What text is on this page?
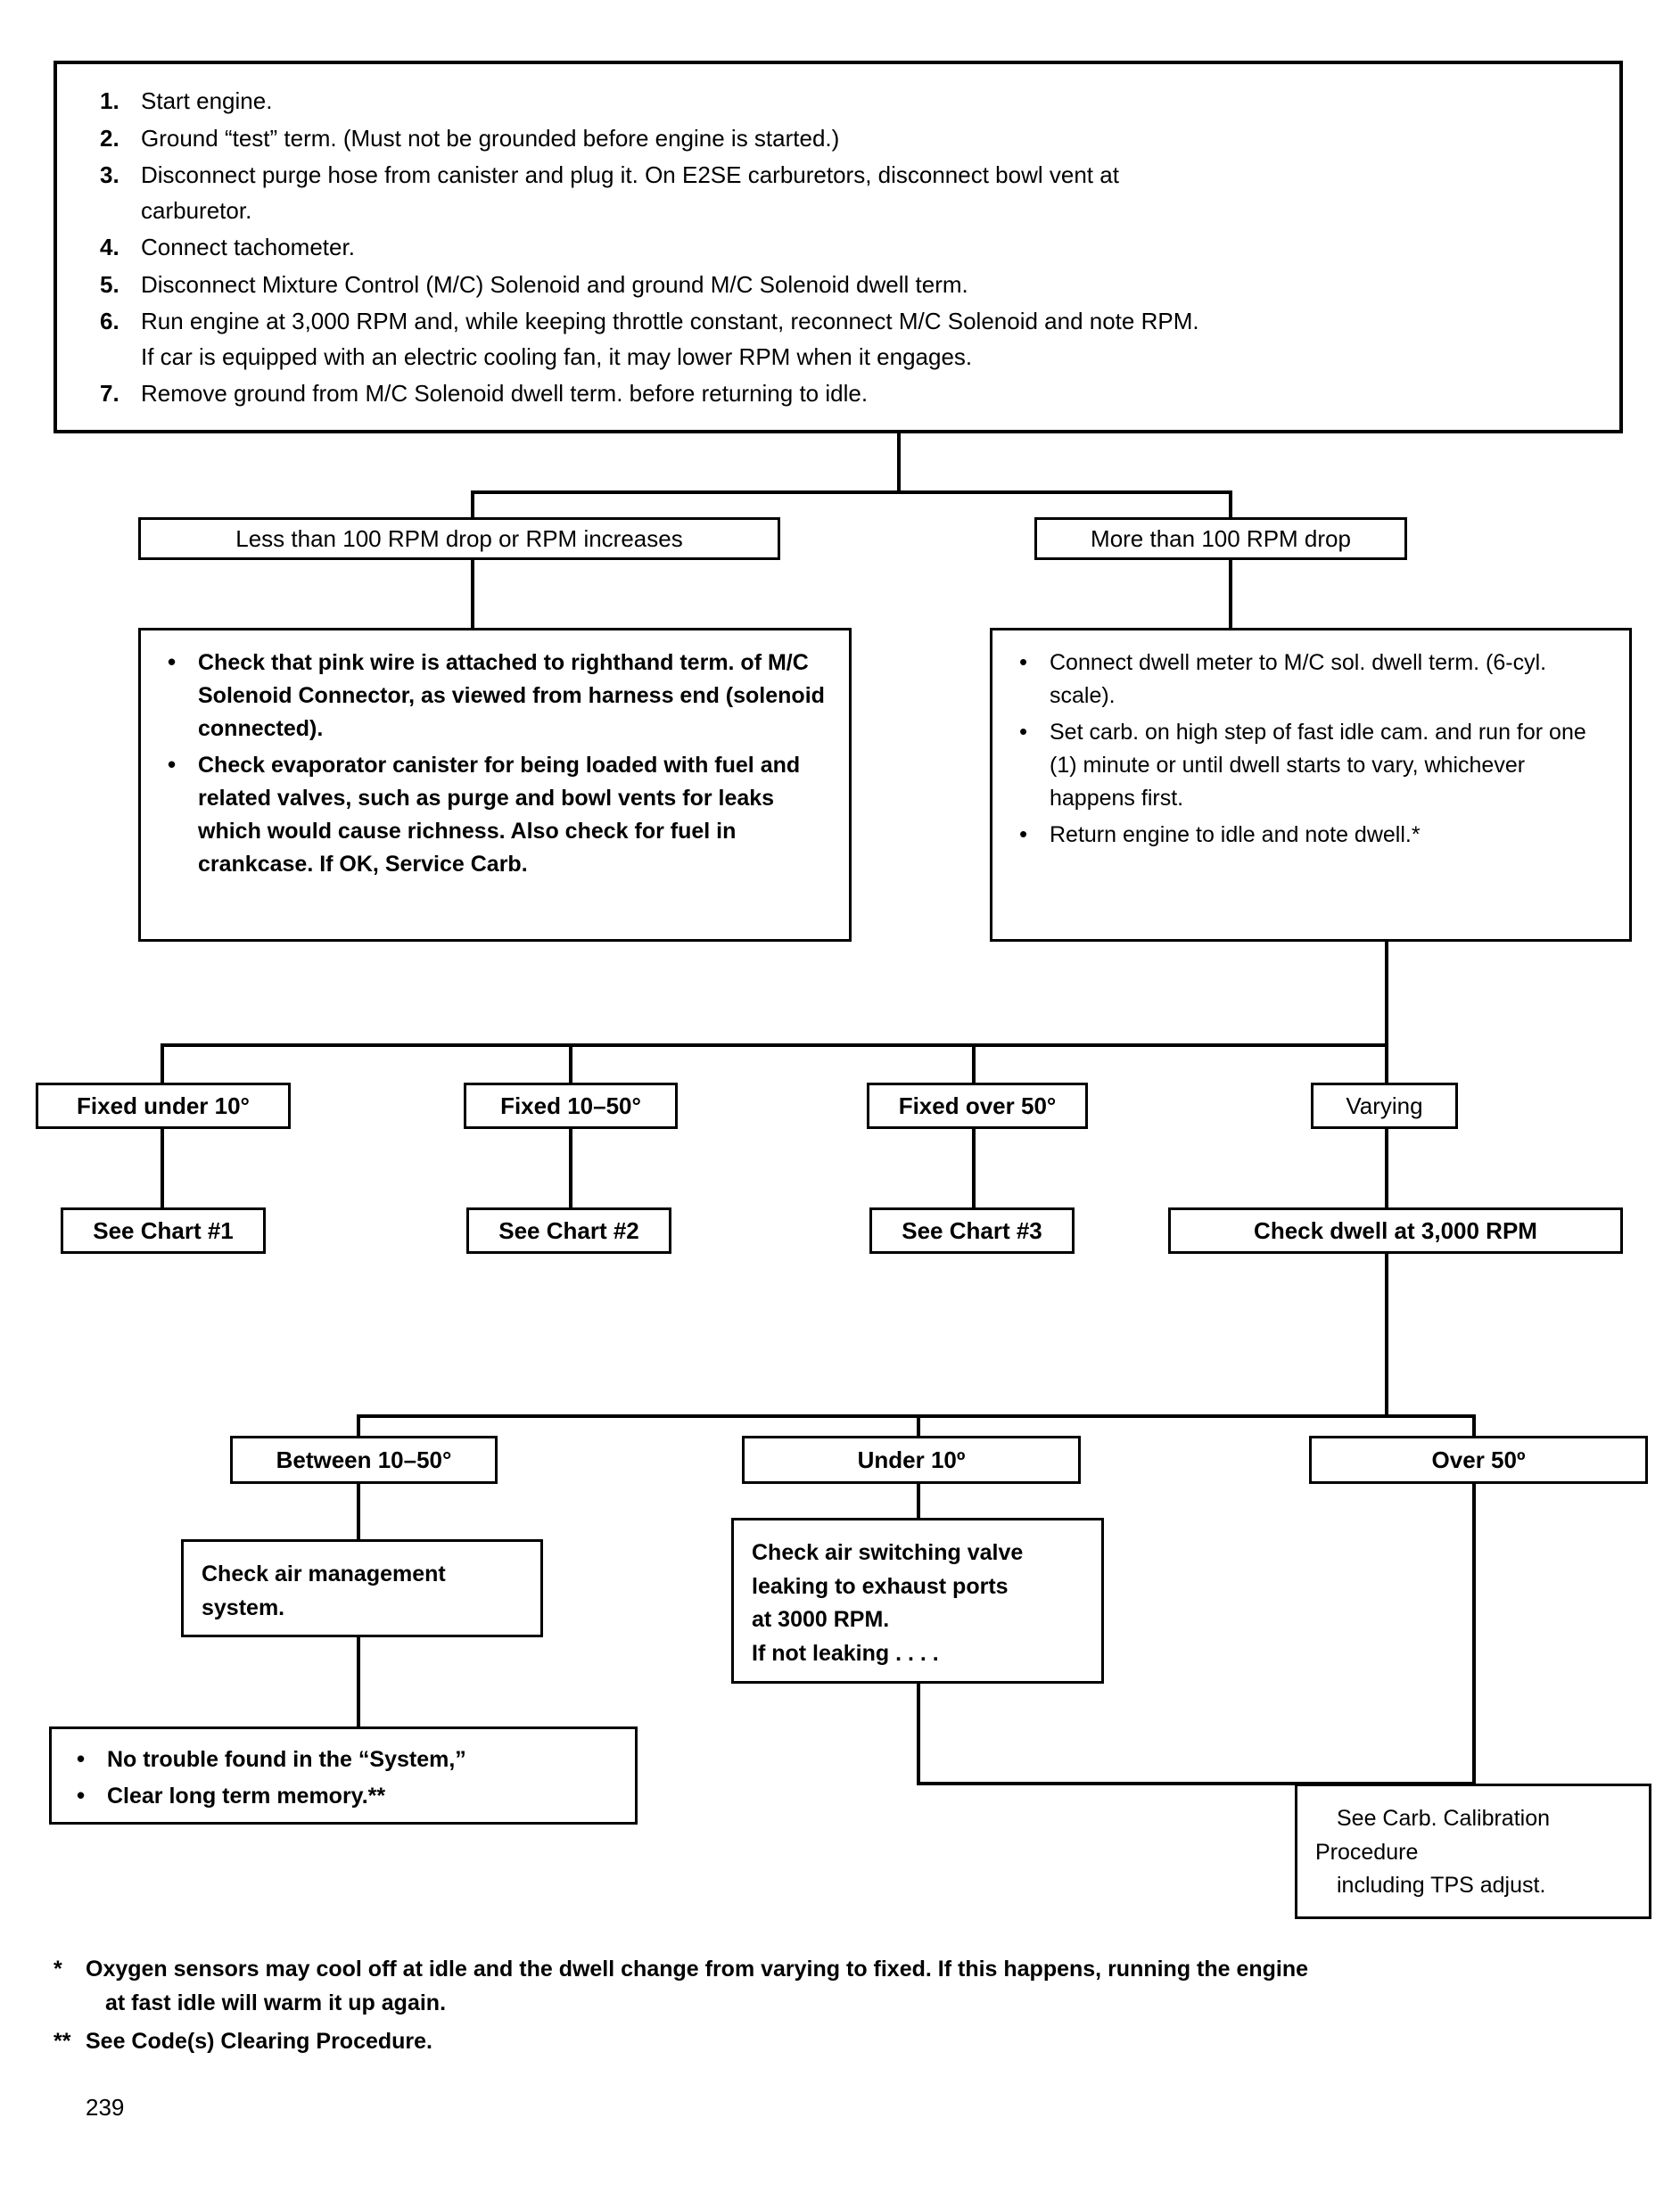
1. Start engine.
2. Ground “test” term. (Must not be grounded before engine is started.)
3. Disconnect purge hose from canister and plug it. On E2SE carburetors, disconnect bowl vent at
carburetor.
4. Connect tachometer.
5. Disconnect Mixture Control (M/C) Solenoid and ground M/C Solenoid dwell term.
6. Run engine at 3,000 RPM and, while keeping throttle constant, reconnect M/C Solenoid and note RPM.
If car is equipped with an electric cooling fan, it may lower RPM when it engages.
7. Remove ground from M/C Solenoid dwell term. before returning to idle.
Less than 100 RPM drop or RPM increases	More than 100 RPM drop
• Check that pink wire is attached to righthand term. of M/C Solenoid Connector, as viewed from harness end (solenoid connected).
• Check evaporator canister for being loaded with fuel and related valves, such as purge and bowl vents for leaks which would cause richness. Also check for fuel in crankcase. If OK, Service Carb.
• Connect dwell meter to M/C sol. dwell term. (6-cyl. scale).
• Set carb. on high step of fast idle cam. and run for one (1) minute or until dwell starts to vary, whichever happens first.
• Return engine to idle and note dwell.*
Fixed under 10°	Fixed 10–50°	Fixed over 50°	Varying
See Chart #1	See Chart #2	See Chart #3	Check dwell at 3,000 RPM
Between 10–50°	Under 10º	Over 50º
Check air management system.
Check air switching valve
leaking to exhaust ports
at 3000 RPM.
If not leaking . . . .
• No trouble found in the “System,”
• Clear long term memory.**
See Carb. Calibration
Procedure
including TPS adjust.
*	Oxygen sensors may cool off at idle and the dwell change from varying to fixed. If this happens, running the engine
at fast idle will warm it up again.
** See Code(s) Clearing Procedure.
239
